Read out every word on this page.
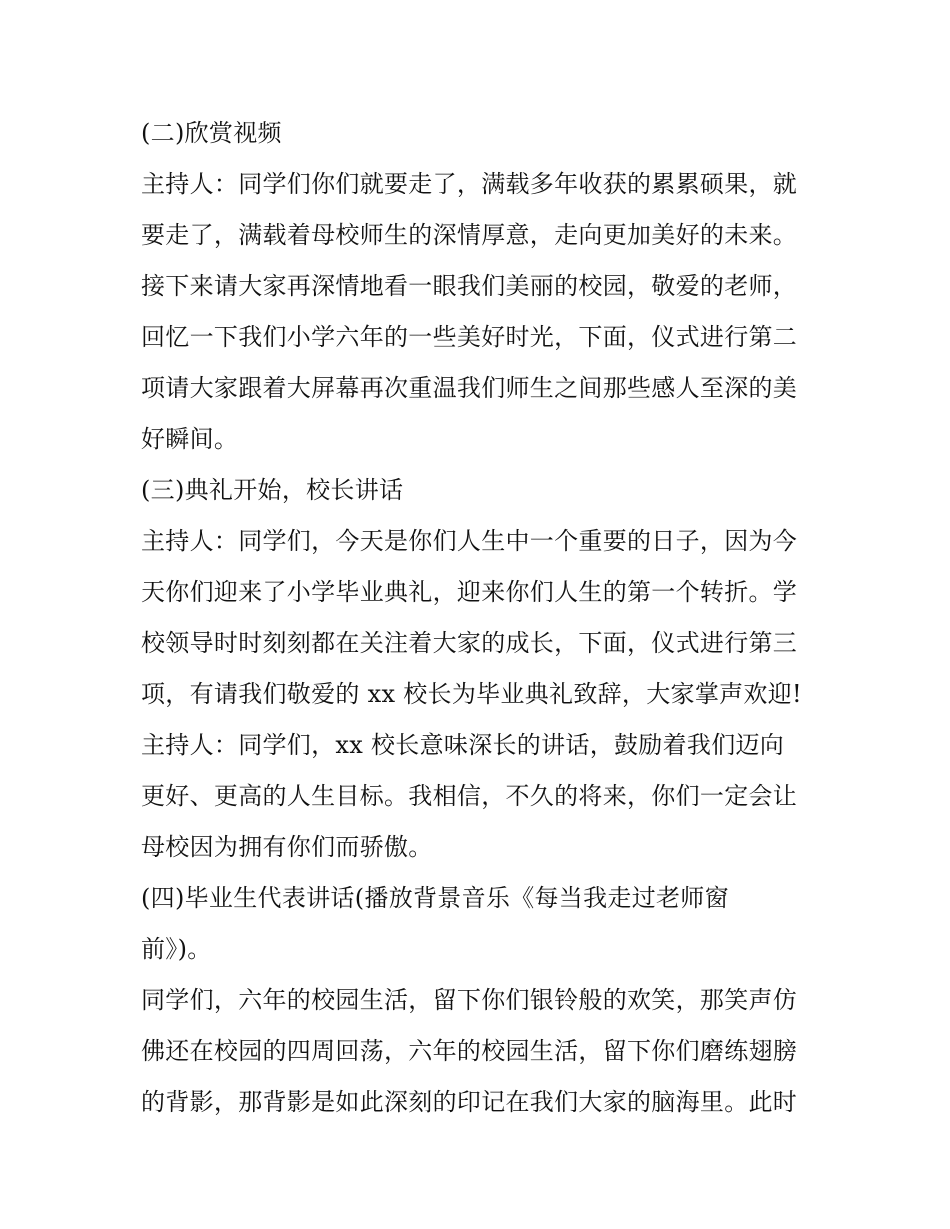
(二)欣赏视频
主持人：同学们你们就要走了，满载多年收获的累累硕果，就
要走了，满载着母校师生的深情厚意，走向更加美好的未来。
接下来请大家再深情地看一眼我们美丽的校园，敬爱的老师，
回忆一下我们小学六年的一些美好时光，下面，仪式进行第二
项请大家跟着大屏幕再次重温我们师生之间那些感人至深的美
好瞬间。
(三)典礼开始，校长讲话
主持人：同学们，今天是你们人生中一个重要的日子，因为今
天你们迎来了小学毕业典礼，迎来你们人生的第一个转折。学
校领导时时刻刻都在关注着大家的成长，下面，仪式进行第三
项，有请我们敬爱的 xx 校长为毕业典礼致辞，大家掌声欢迎!
主持人：同学们，xx 校长意味深长的讲话，鼓励着我们迈向
更好、更高的人生目标。我相信，不久的将来，你们一定会让
母校因为拥有你们而骄傲。
(四)毕业生代表讲话(播放背景音乐《每当我走过老师窗
前》)。
同学们，六年的校园生活，留下你们银铃般的欢笑，那笑声仿
佛还在校园的四周回荡，六年的校园生活，留下你们磨练翅膀
的背影，那背影是如此深刻的印记在我们大家的脑海里。此时
